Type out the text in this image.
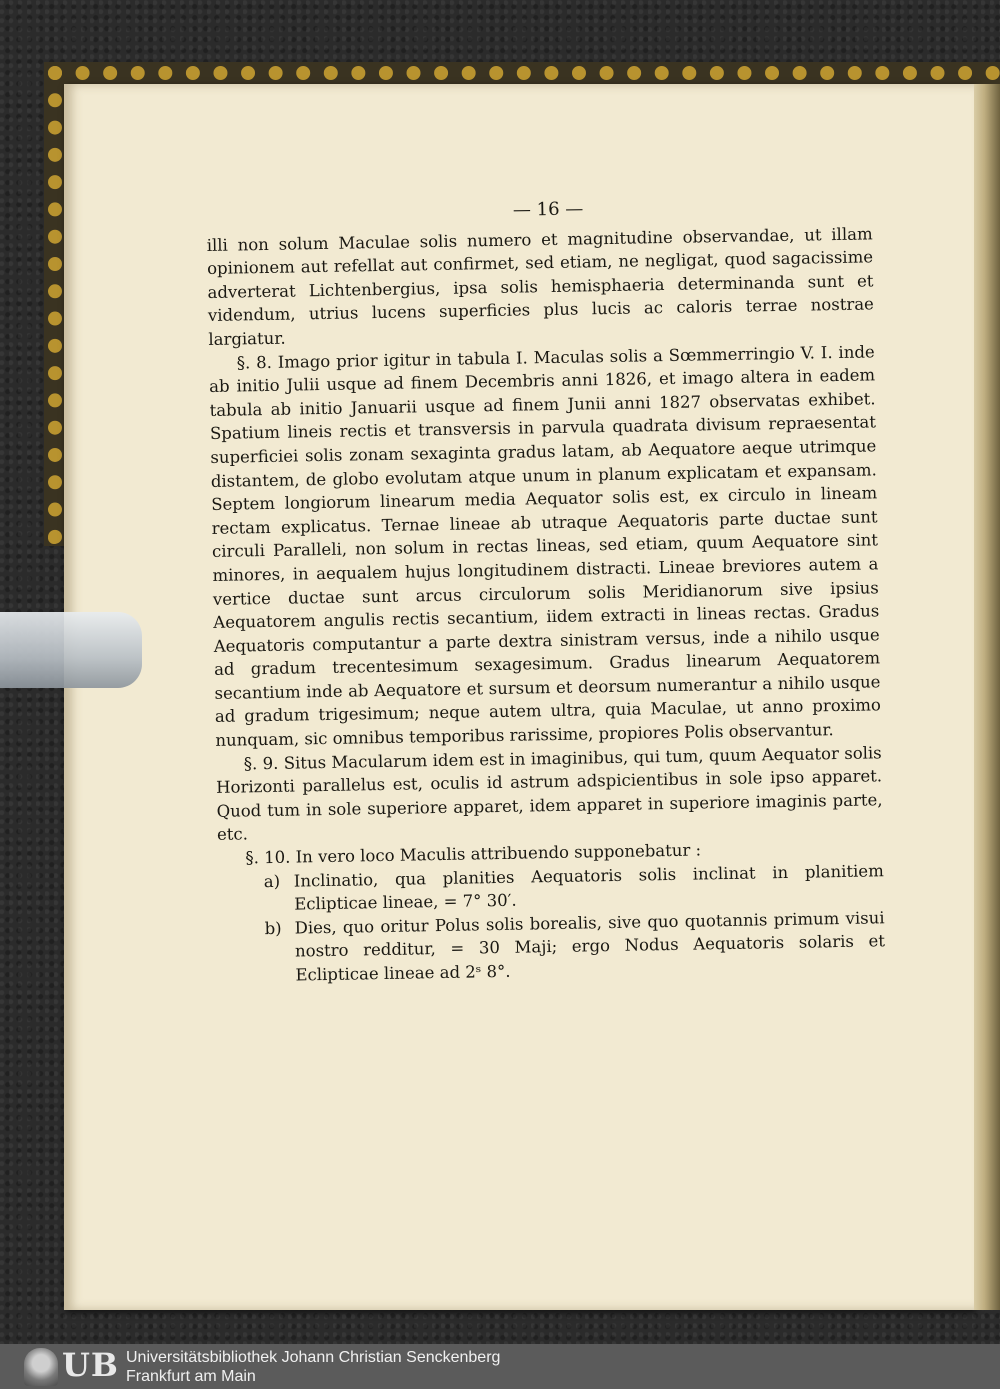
— 16 —

illi non solum Maculae solis numero et magnitudine observandae, ut illam opinionem aut refellat aut confirmet, sed etiam, ne negligat, quod sagacissime adverterat Lichtenbergius, ipsa solis hemisphaeria determinanda sunt et videndum, utrius lucens superficies plus lucis ac caloris terrae nostrae largiatur.

§. 8. Imago prior igitur in tabula I. Maculas solis a Sœmmerringio V. I. inde ab initio Julii usque ad finem Decembris anni 1826, et imago altera in eadem tabula ab initio Januarii usque ad finem Junii anni 1827 observatas exhibet. Spatium lineis rectis et transversis in parvula quadrata divisum repraesentat superficiei solis zonam sexaginta gradus latam, ab Aequatore aeque utrimque distantem, de globo evolutam atque unum in planum explicatam et expansam. Septem longiorum linearum media Aequator solis est, ex circulo in lineam rectam explicatus. Ternae lineae ab utraque Aequatoris parte ductae sunt circuli Paralleli, non solum in rectas lineas, sed etiam, quum Aequatore sint minores, in aequalem hujus longitudinem distracti. Lineae breviores autem a vertice ductae sunt arcus circulorum solis Meridianorum sive ipsius Aequatorem angulis rectis secantium, iidem extracti in lineas rectas. Gradus Aequatoris computantur a parte dextra sinistram versus, inde a nihilo usque ad gradum trecentesimum sexagesimum. Gradus linearum Aequatorem secantium inde ab Aequatore et sursum et deorsum numerantur a nihilo usque ad gradum trigesimum; neque autem ultra, quia Maculae, ut anno proximo nunquam, sic omnibus temporibus rarissime, propiores Polis observantur.

§. 9. Situs Macularum idem est in imaginibus, qui tum, quum Aequator solis Horizonti parallelus est, oculis id astrum adspicientibus in sole ipso apparet. Quod tum in sole superiore apparet, idem apparet in superiore imaginis parte, etc.

§. 10. In vero loco Maculis attribuendo supponebatur :

a) Inclinatio, qua planities Aequatoris solis inclinat in planitiem Eclipticae lineae, = 7° 30′.
b) Dies, quo oritur Polus solis borealis, sive quo quotannis primum visui nostro redditur, = 30 Maji; ergo Nodus Aequatoris solaris et Eclipticae lineae ad 2ˢ 8°.
UB Universitätsbibliothek Johann Christian Senckenberg
Frankfurt am Main
